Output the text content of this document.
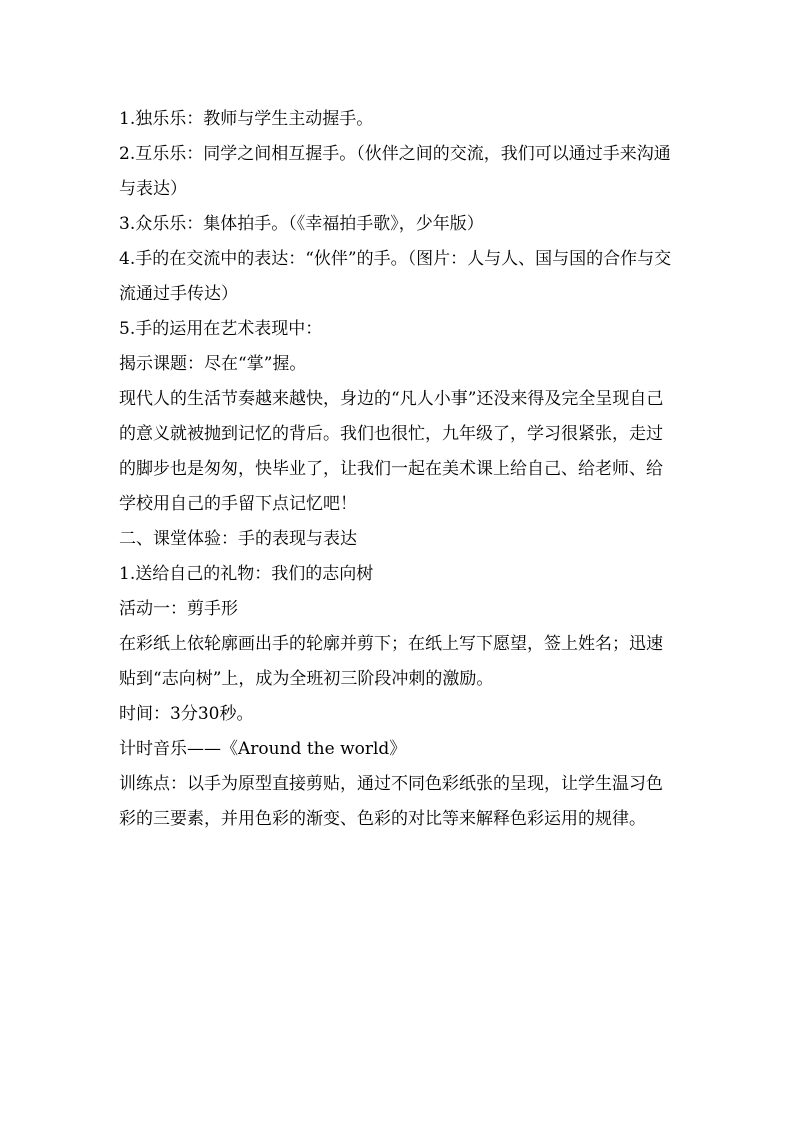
1.独乐乐：教师与学生主动握手。

2.互乐乐：同学之间相互握手。（伙伴之间的交流，我们可以通过手来沟通与表达）

3.众乐乐：集体拍手。（《幸福拍手歌》，少年版）

4.手的在交流中的表达：“伙伴”的手。（图片：人与人、国与国的合作与交流通过手传达）

5.手的运用在艺术表现中：

揭示课题：尽在“掌”握。

现代人的生活节奏越来越快，身边的“凡人小事”还没来得及完全呈现自己的意义就被抛到记忆的背后。我们也很忙，九年级了，学习很紧张，走过的脚步也是匆匆，快毕业了，让我们一起在美术课上给自己、给老师、给学校用自己的手留下点记忆吧！

二、课堂体验：手的表现与表达

1.送给自己的礼物：我们的志向树

活动一：剪手形

在彩纸上依轮廓画出手的轮廓并剪下；在纸上写下愿望，签上姓名；迅速贴到“志向树”上，成为全班初三阶段冲刺的激励。

时间：3分30秒。

计时音乐——《Around the world》

训练点：以手为原型直接剪贴，通过不同色彩纸张的呈现，让学生温习色彩的三要素，并用色彩的渐变、色彩的对比等来解释色彩运用的规律。
